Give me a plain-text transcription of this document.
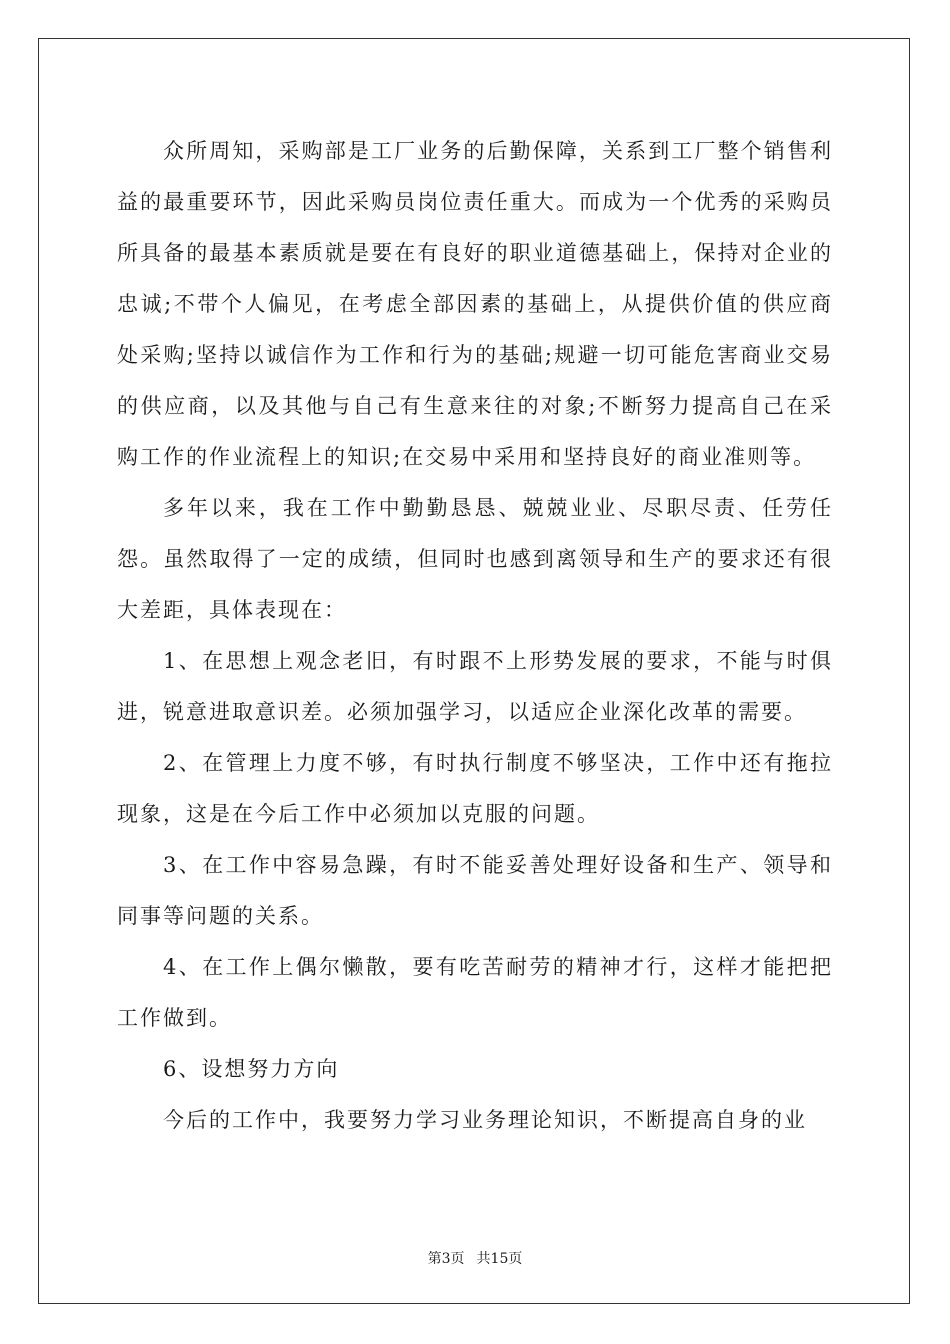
众所周知，采购部是工厂业务的后勤保障，关系到工厂整个销售利益的最重要环节，因此采购员岗位责任重大。而成为一个优秀的采购员所具备的最基本素质就是要在有良好的职业道德基础上，保持对企业的忠诚;不带个人偏见，在考虑全部因素的基础上，从提供价值的供应商处采购;坚持以诚信作为工作和行为的基础;规避一切可能危害商业交易的供应商，以及其他与自己有生意来往的对象;不断努力提高自己在采购工作的作业流程上的知识;在交易中采用和坚持良好的商业准则等。

多年以来，我在工作中勤勤恳恳、兢兢业业、尽职尽责、任劳任怨。虽然取得了一定的成绩，但同时也感到离领导和生产的要求还有很大差距，具体表现在：

1、在思想上观念老旧，有时跟不上形势发展的要求，不能与时俱进，锐意进取意识差。必须加强学习，以适应企业深化改革的需要。

2、在管理上力度不够，有时执行制度不够坚决，工作中还有拖拉现象，这是在今后工作中必须加以克服的问题。

3、在工作中容易急躁，有时不能妥善处理好设备和生产、领导和同事等问题的关系。

4、在工作上偶尔懒散，要有吃苦耐劳的精神才行，这样才能把把工作做到。

6、设想努力方向

今后的工作中，我要努力学习业务理论知识，不断提高自身的业

第3页 共15页
